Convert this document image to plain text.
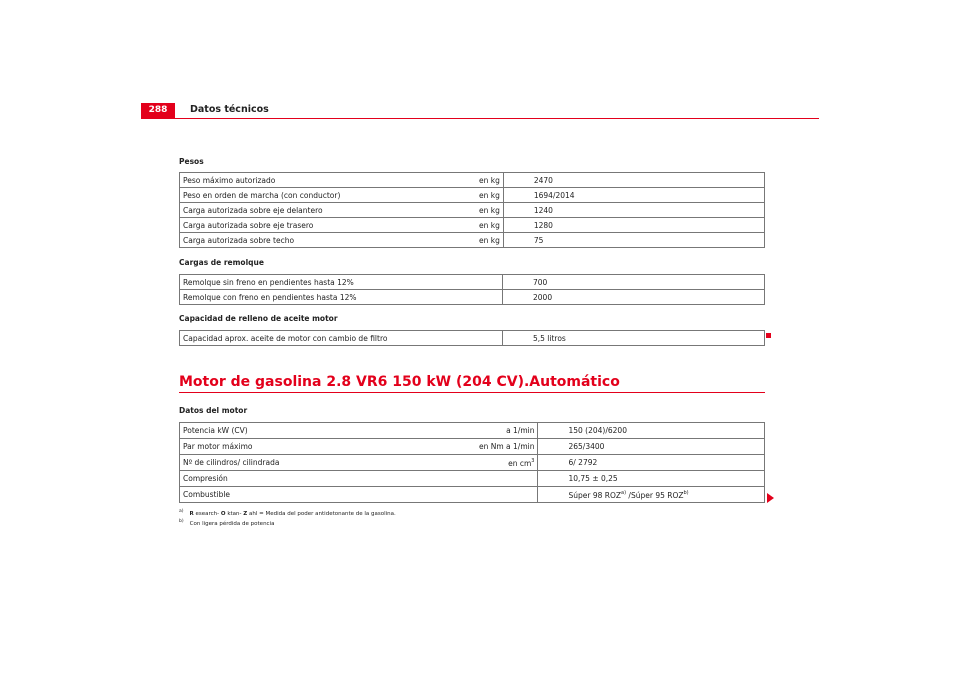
288	Datos técnicos
Pesos
Peso máximo autorizado	en kg	2470
Peso en orden de marcha (con conductor)	en kg	1694/2014
Carga autorizada sobre eje delantero	en kg	1240
Carga autorizada sobre eje trasero	en kg	1280
Carga autorizada sobre techo	en kg	75
Cargas de remolque
Remolque sin freno en pendientes hasta 12%		700
Remolque con freno en pendientes hasta 12%		2000
Capacidad de relleno de aceite motor
Capacidad aprox. aceite de motor con cambio de filtro		5,5 litros
Motor de gasolina 2.8 VR6 150 kW (204 CV).Automático
Datos del motor
Potencia kW (CV)	a 1/min	150 (204)/6200
Par motor máximo	en Nm a 1/min	265/3400
Nº de cilindros/ cilindrada	en $cm^3$	6/ 2792
Compresión		10,75 ± 0,25
Combustible		Súper 98 ROZ$^{a)}$ /Súper 95 ROZ$^{b)}$
$^{a)}$ R esearch- O ktan- Z ahl = Medida del poder antidetonante de la gasolina.
$^{b)}$ Con ligera pérdida de potencia
